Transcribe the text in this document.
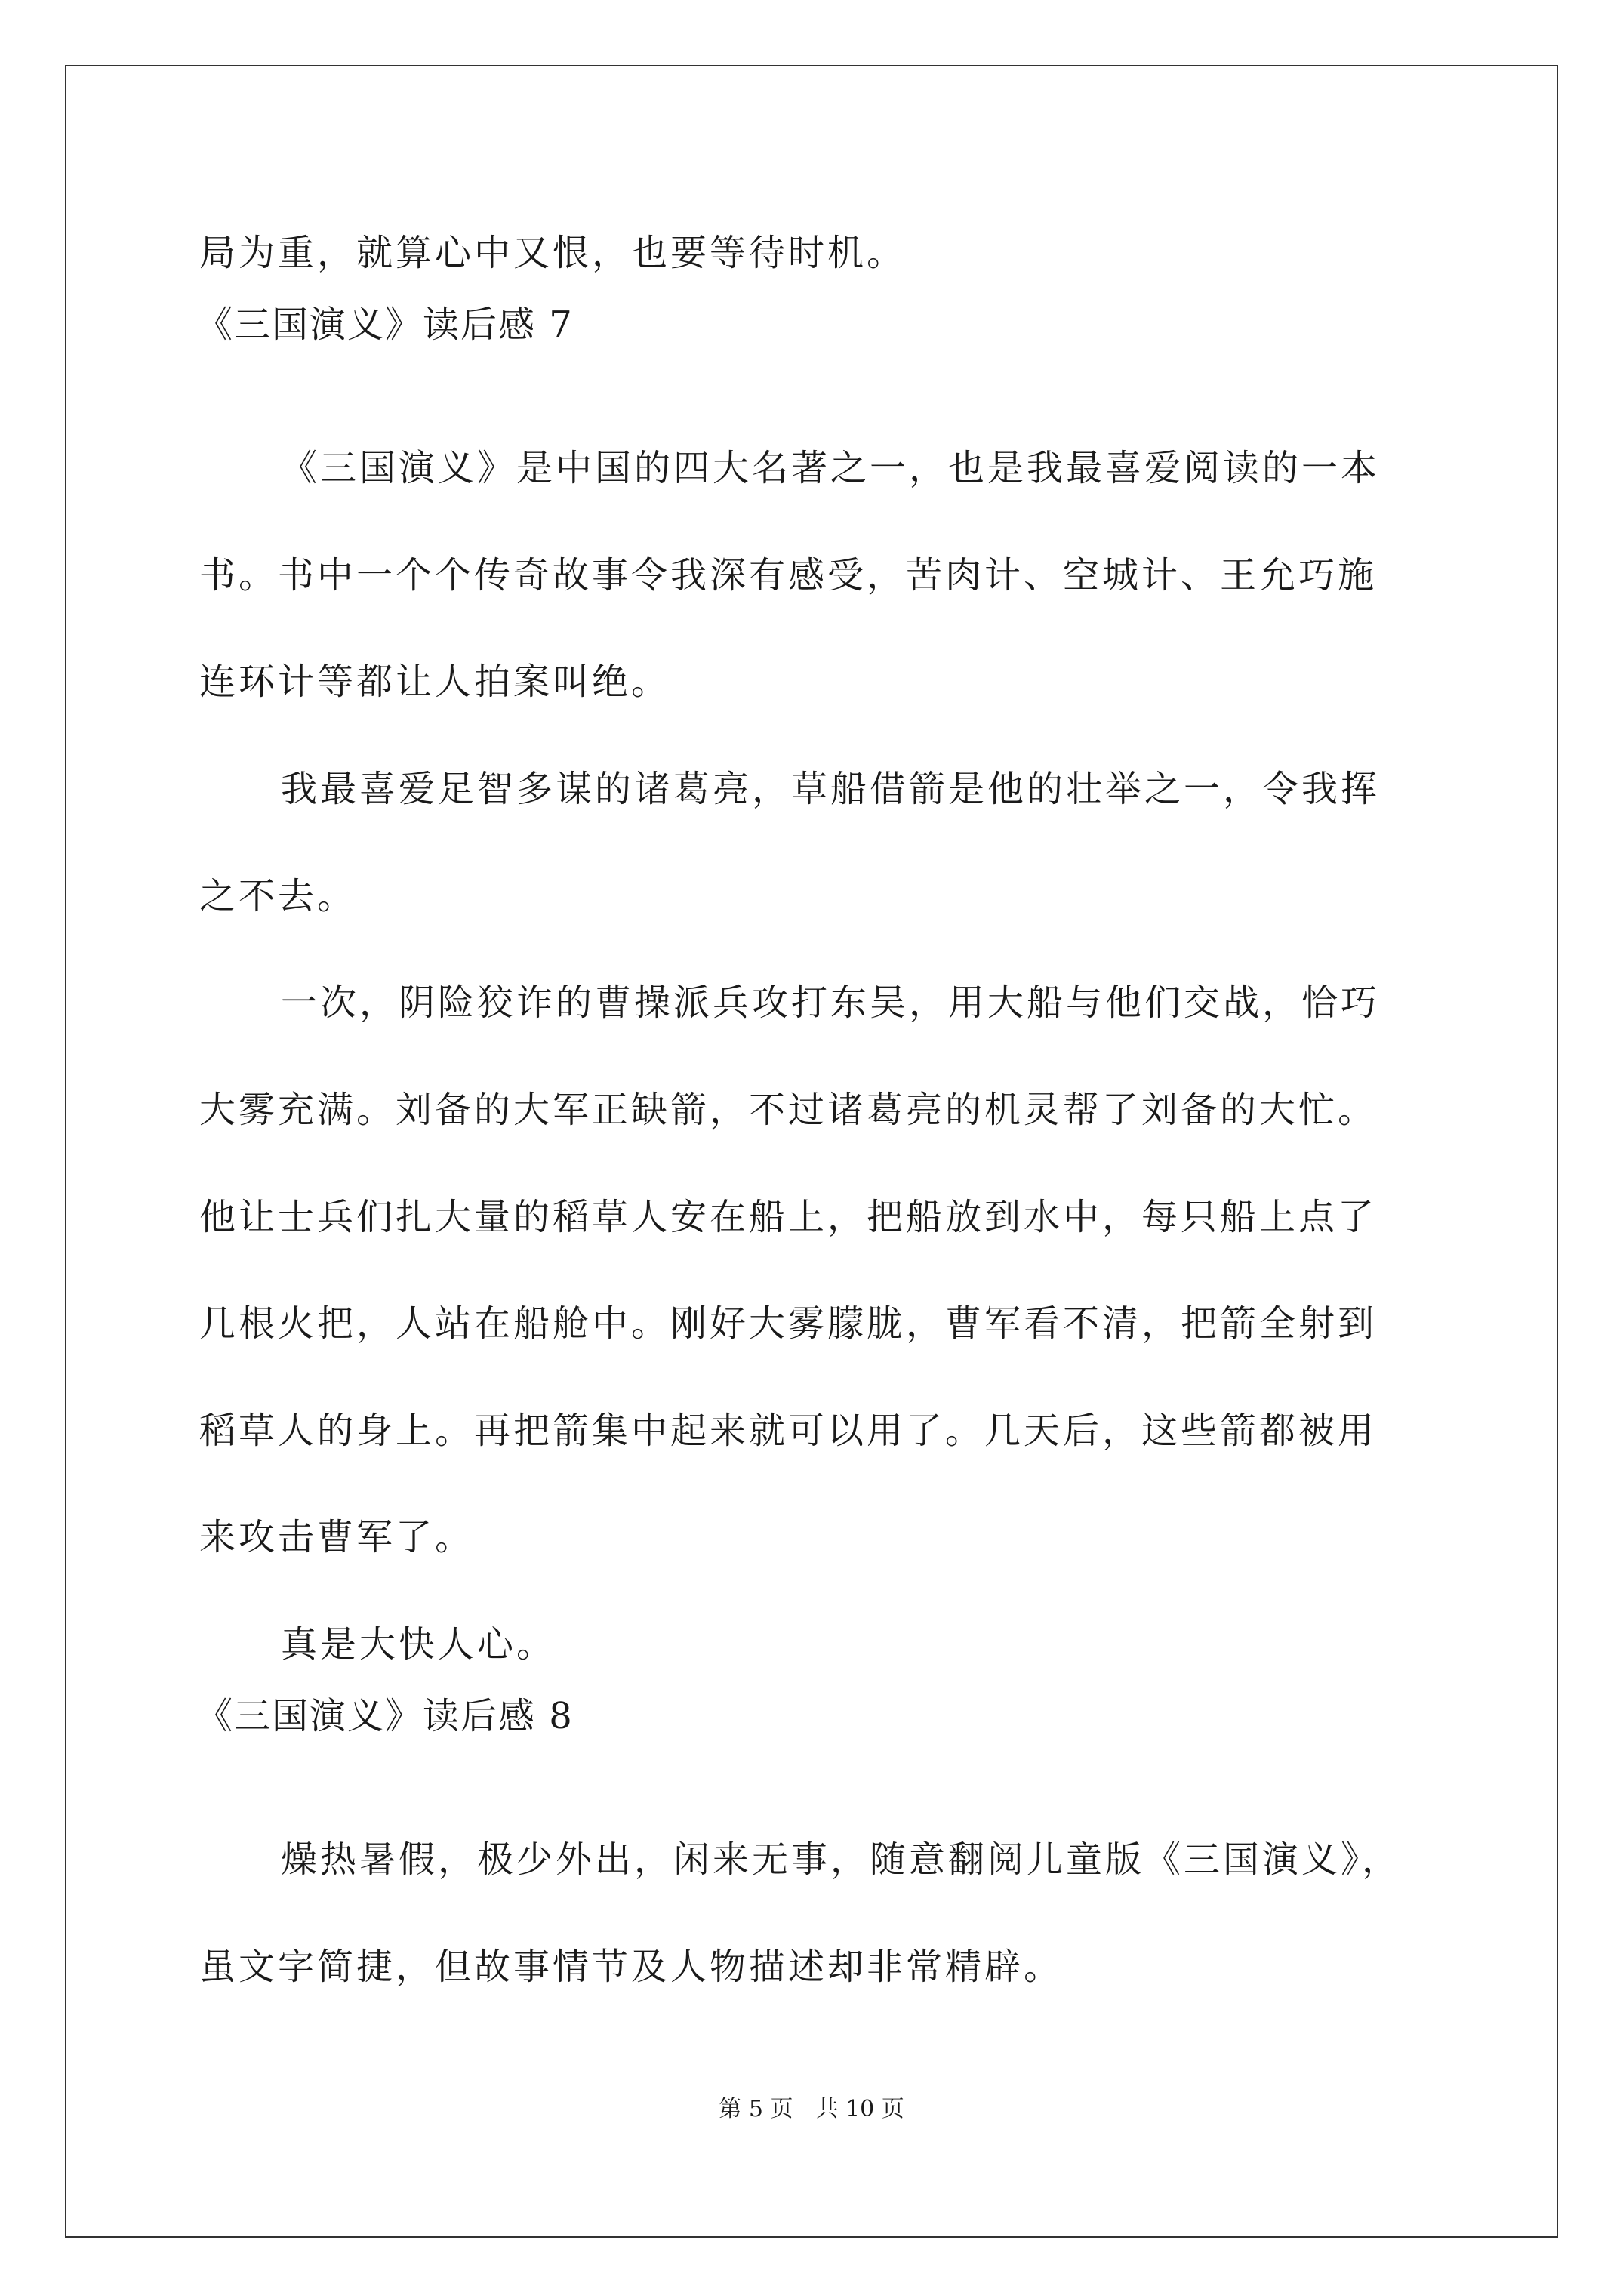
局为重，就算心中又恨，也要等待时机。
《三国演义》读后感 7
《三国演义》是中国的四大名著之一，也是我最喜爱阅读的一本
书。书中一个个传奇故事令我深有感受，苦肉计、空城计、王允巧施
连环计等都让人拍案叫绝。
我最喜爱足智多谋的诸葛亮，草船借箭是他的壮举之一，令我挥
之不去。
一次，阴险狡诈的曹操派兵攻打东吴，用大船与他们交战，恰巧
大雾充满。刘备的大军正缺箭，不过诸葛亮的机灵帮了刘备的大忙。
他让士兵们扎大量的稻草人安在船上，把船放到水中，每只船上点了
几根火把，人站在船舱中。刚好大雾朦胧，曹军看不清，把箭全射到
稻草人的身上。再把箭集中起来就可以用了。几天后，这些箭都被用
来攻击曹军了。
真是大快人心。
《三国演义》读后感 8
燥热暑假，极少外出，闲来无事，随意翻阅儿童版《三国演义》，
虽文字简捷，但故事情节及人物描述却非常精辟。
第 5 页　共 10 页
